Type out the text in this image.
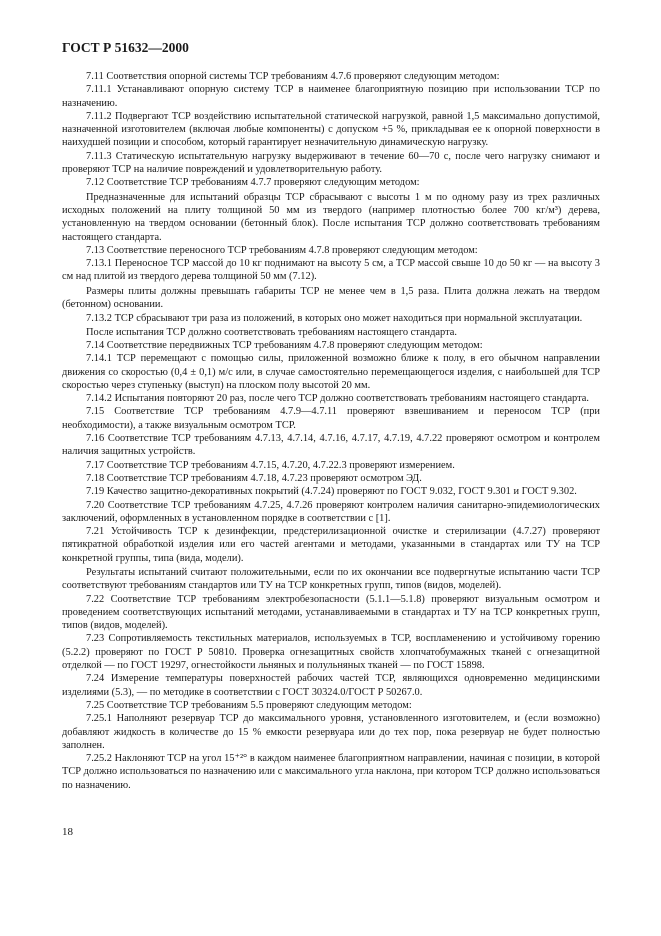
ГОСТ Р 51632—2000

7.11 Соответствия опорной системы ТСР требованиям 4.7.6 проверяют следующим методом:

7.11.1 Устанавливают опорную систему ТСР в наименее благоприятную позицию при использовании ТСР по назначению.

7.11.2 Подвергают ТСР воздействию испытательной статической нагрузкой, равной 1,5 максимально допустимой, назначенной изготовителем (включая любые компоненты) с допуском +5 %, прикладывая ее к опорной поверхности в наихудшей позиции и способом, который гарантирует незначительную динамическую нагрузку.

7.11.3 Статическую испытательную нагрузку выдерживают в течение 60—70 с, после чего нагрузку снимают и проверяют ТСР на наличие повреждений и удовлетворительную работу.

7.12 Соответствие ТСР требованиям 4.7.7 проверяют следующим методом:

Предназначенные для испытаний образцы ТСР сбрасывают с высоты 1 м по одному разу из трех различных исходных положений на плиту толщиной 50 мм из твердого (например плотностью более 700 кг/м³) дерева, установленную на твердом основании (бетонный блок). После испытания ТСР должно соответствовать требованиям настоящего стандарта.

7.13 Соответствие переносного ТСР требованиям 4.7.8 проверяют следующим методом:

7.13.1 Переносное ТСР массой до 10 кг поднимают на высоту 5 см, а ТСР массой свыше 10 до 50 кг — на высоту 3 см над плитой из твердого дерева толщиной 50 мм (7.12).

Размеры плиты должны превышать габариты ТСР не менее чем в 1,5 раза. Плита должна лежать на твердом (бетонном) основании.

7.13.2 ТСР сбрасывают три раза из положений, в которых оно может находиться при нормальной эксплуатации.

После испытания ТСР должно соответствовать требованиям настоящего стандарта.

7.14 Соответствие передвижных ТСР требованиям 4.7.8 проверяют следующим методом:

7.14.1 ТСР перемещают с помощью силы, приложенной возможно ближе к полу, в его обычном направлении движения со скоростью (0,4 ± 0,1) м/с или, в случае самостоятельно перемещающегося изделия, с наибольшей для ТСР скоростью через ступеньку (выступ) на плоском полу высотой 20 мм.

7.14.2 Испытания повторяют 20 раз, после чего ТСР должно соответствовать требованиям настоящего стандарта.

7.15 Соответствие ТСР требованиям 4.7.9—4.7.11 проверяют взвешиванием и переносом ТСР (при необходимости), а также визуальным осмотром ТСР.

7.16 Соответствие ТСР требованиям 4.7.13, 4.7.14, 4.7.16, 4.7.17, 4.7.19, 4.7.22 проверяют осмотром и контролем наличия защитных устройств.

7.17 Соответствие ТСР требованиям 4.7.15, 4.7.20, 4.7.22.3 проверяют измерением.

7.18 Соответствие ТСР требованиям 4.7.18, 4.7.23 проверяют осмотром ЭД.

7.19 Качество защитно-декоративных покрытий (4.7.24) проверяют по ГОСТ 9.032, ГОСТ 9.301 и ГОСТ 9.302.

7.20 Соответствие ТСР требованиям 4.7.25, 4.7.26 проверяют контролем наличия санитарно-эпидемиологических заключений, оформленных в установленном порядке в соответствии с [1].

7.21 Устойчивость ТСР к дезинфекции, предстерилизационной очистке и стерилизации (4.7.27) проверяют пятикратной обработкой изделия или его частей агентами и методами, указанными в стандартах или ТУ на ТСР конкретной группы, типа (вида, модели).

Результаты испытаний считают положительными, если по их окончании все подвергнутые испытанию части ТСР соответствуют требованиям стандартов или ТУ на ТСР конкретных групп, типов (видов, моделей).

7.22 Соответствие ТСР требованиям электробезопасности (5.1.1—5.1.8) проверяют визуальным осмотром и проведением соответствующих испытаний методами, устанавливаемыми в стандартах и ТУ на ТСР конкретных групп, типов (видов, моделей).

7.23 Сопротивляемость текстильных материалов, используемых в ТСР, воспламенению и устойчивому горению (5.2.2) проверяют по ГОСТ Р 50810. Проверка огнезащитных свойств хлопчатобумажных тканей с огнезащитной отделкой — по ГОСТ 19297, огнестойкости льняных и полульняных тканей — по ГОСТ 15898.

7.24 Измерение температуры поверхностей рабочих частей ТСР, являющихся одновременно медицинскими изделиями (5.3), — по методике в соответствии с ГОСТ 30324.0/ГОСТ Р 50267.0.

7.25 Соответствие ТСР требованиям 5.5 проверяют следующим методом:

7.25.1 Наполняют резервуар ТСР до максимального уровня, установленного изготовителем, и (если возможно) добавляют жидкость в количестве до 15 % емкости резервуара или до тех пор, пока резервуар не будет полностью заполнен.

7.25.2 Наклоняют ТСР на угол 15⁺²° в каждом наименее благоприятном направлении, начиная с позиции, в которой ТСР должно использоваться по назначению или с максимального угла наклона, при котором ТСР должно использоваться по назначению.

18
